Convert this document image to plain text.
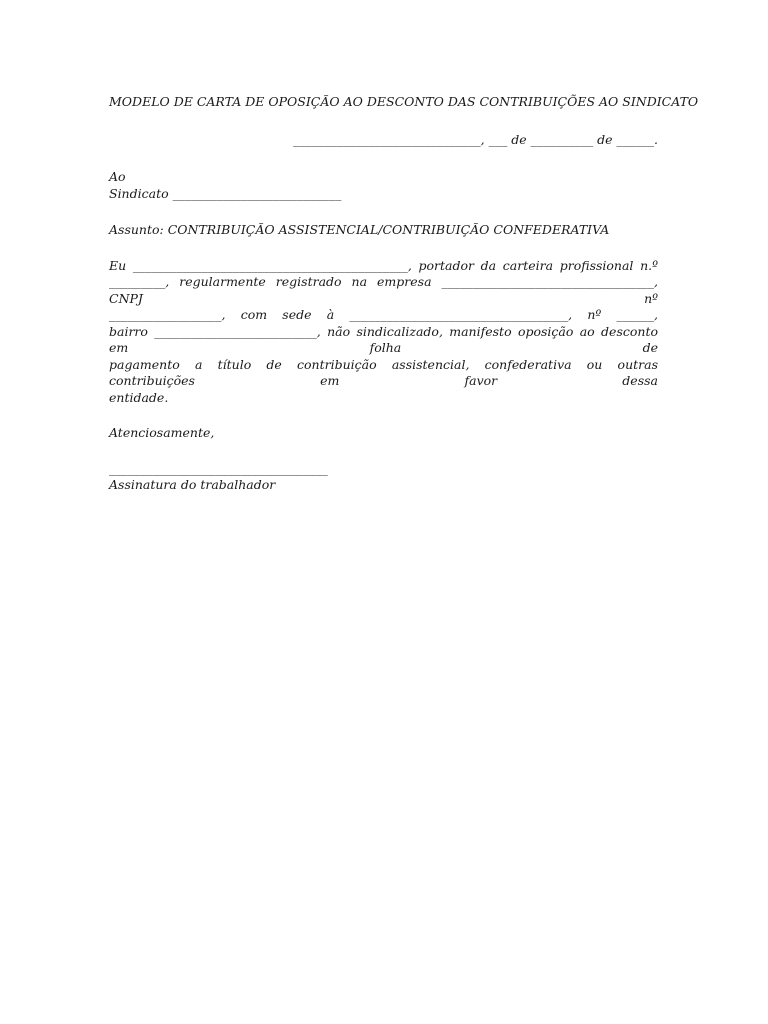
MODELO DE CARTA DE OPOSIÇÃO AO DESCONTO DAS CONTRIBUIÇÕES AO SINDICATO
______________________________, ___ de __________ de ______.
Ao
Sindicato ___________________________
Assunto: CONTRIBUIÇÃO ASSISTENCIAL/CONTRIBUIÇÃO CONFEDERATIVA
Eu ____________________________________________, portador da carteira profissional n.º
_________, regularmente registrado na empresa __________________________________, CNPJ nº
__________________, com sede à ___________________________________, nº ______,
bairro __________________________, não sindicalizado, manifesto oposição ao desconto em folha de
pagamento a título de contribuição assistencial, confederativa ou outras contribuições em favor dessa
entidade.
Atenciosamente,
___________________________________
Assinatura do trabalhador
